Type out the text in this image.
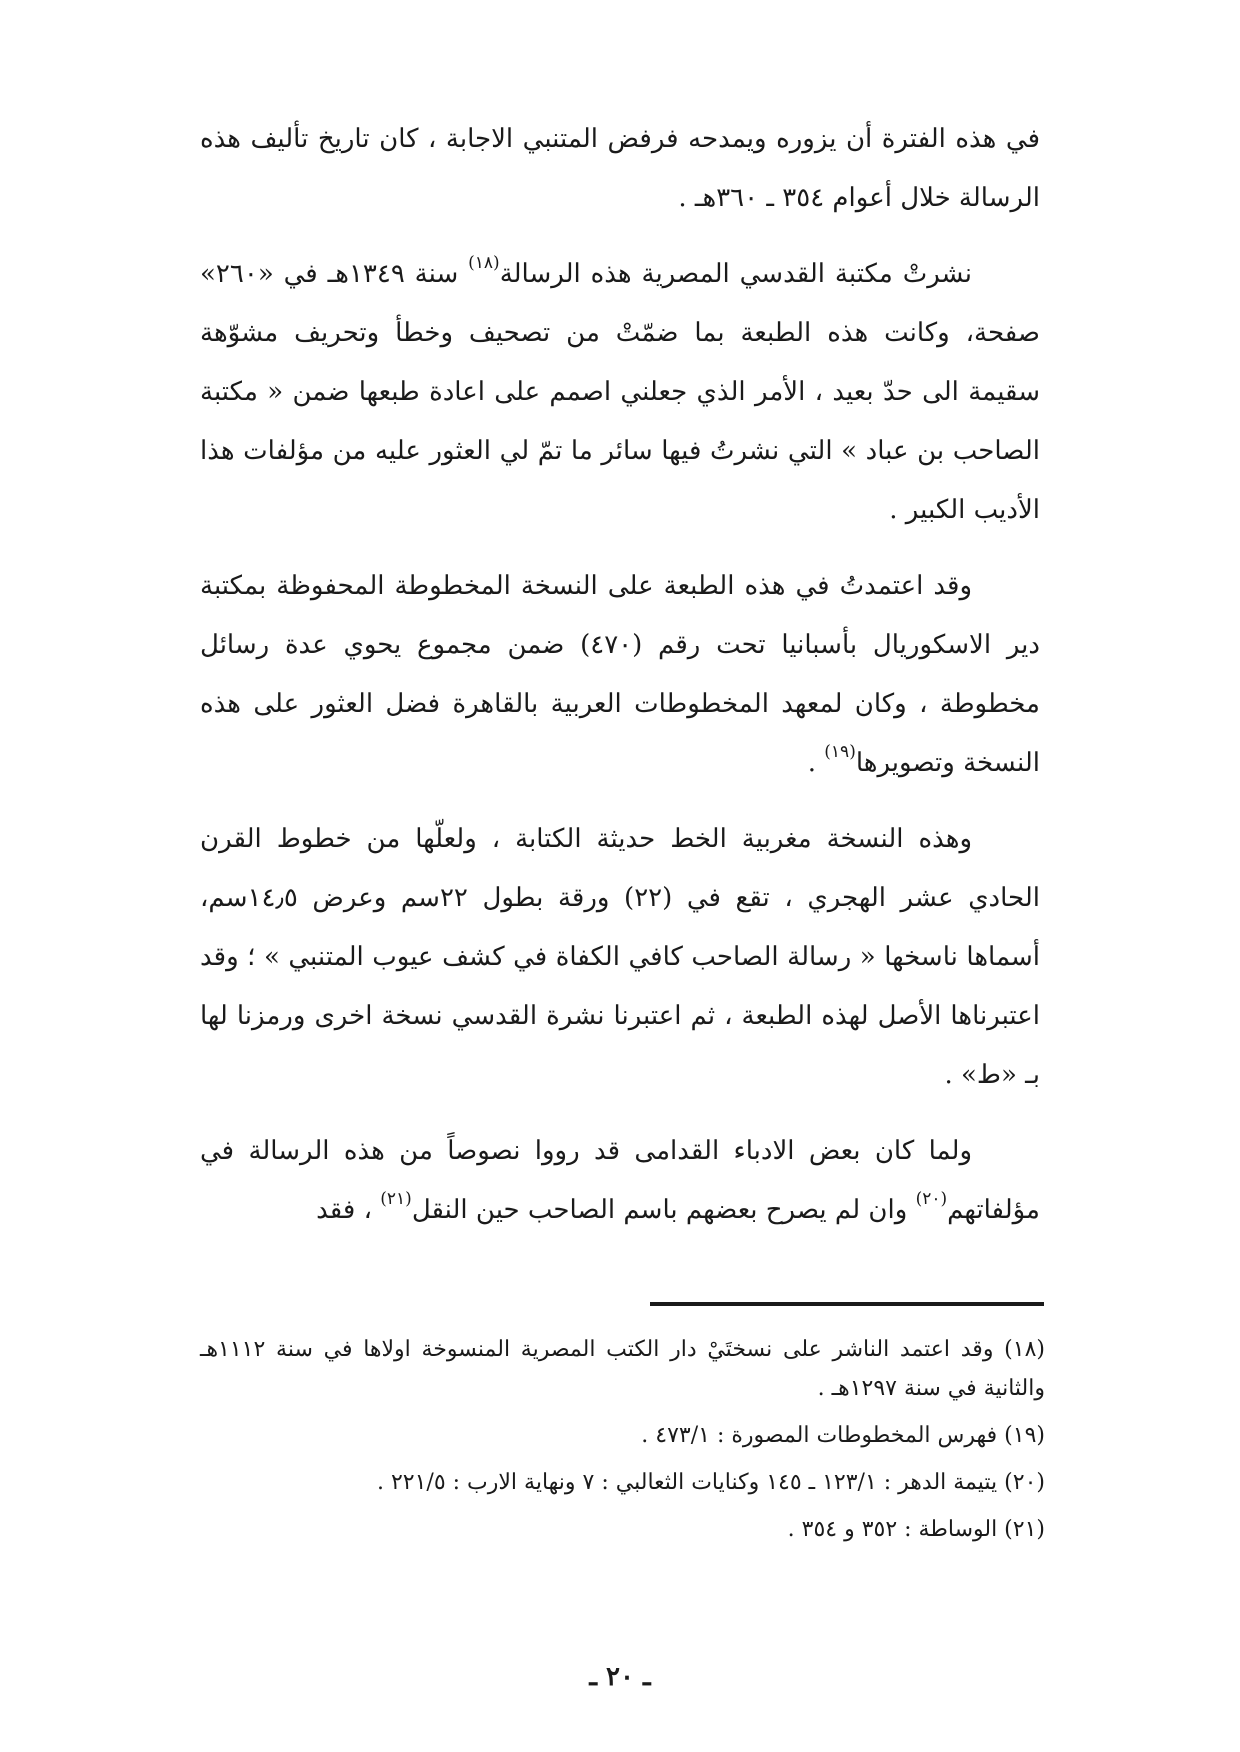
في هذه الفترة أن يزوره ويمدحه فرفض المتنبي الاجابة ، كان تاريخ تأليف هذه الرسالة خلال أعوام ٣٥٤ ـ ٣٦٠هـ .

نشرتْ مكتبة القدسي المصرية هذه الرسالة$^{(١٨)}$ سنة ١٣٤٩هـ في «٢٦٠» صفحة، وكانت هذه الطبعة بما ضمّتْ من تصحيف وخطأ وتحريف مشوّهة سقيمة الى حدّ بعيد ، الأمر الذي جعلني اصمم على اعادة طبعها ضمن « مكتبة الصاحب بن عباد » التي نشرتُ فيها سائر ما تمّ لي العثور عليه من مؤلفات هذا الأديب الكبير .

وقد اعتمدتُ في هذه الطبعة على النسخة المخطوطة المحفوظة بمكتبة دير الاسكوريال بأسبانيا تحت رقم (٤٧٠) ضمن مجموع يحوي عدة رسائل مخطوطة ، وكان لمعهد المخطوطات العربية بالقاهرة فضل العثور على هذه النسخة وتصويرها$^{(١٩)}$ .

وهذه النسخة مغربية الخط حديثة الكتابة ، ولعلّها من خطوط القرن الحادي عشر الهجري ، تقع في (٢٢) ورقة بطول ٢٢سم وعرض ١٤٫٥سم، أسماها ناسخها « رسالة الصاحب كافي الكفاة في كشف عيوب المتنبي » ؛ وقد اعتبرناها الأصل لهذه الطبعة ، ثم اعتبرنا نشرة القدسي نسخة اخرى ورمزنا لها بـ «ط» .

ولما كان بعض الادباء القدامى قد رووا نصوصاً من هذه الرسالة في مؤلفاتهم$^{(٢٠)}$ وان لم يصرح بعضهم باسم الصاحب حين النقل$^{(٢١)}$ ، فقد

(١٨) وقد اعتمد الناشر على نسختَيْ دار الكتب المصرية المنسوخة اولاها في سنة ١١١٢هـ والثانية في سنة ١٢٩٧هـ .

(١٩) فهرس المخطوطات المصورة : ٤٧٣/١ .

(٢٠) يتيمة الدهر : ١٢٣/١ ـ ١٤٥ وكنايات الثعالبي : ٧ ونهاية الارب : ٢٢١/٥ .

(٢١) الوساطة : ٣٥٢ و ٣٥٤ .

ـ ٢٠ ـ
